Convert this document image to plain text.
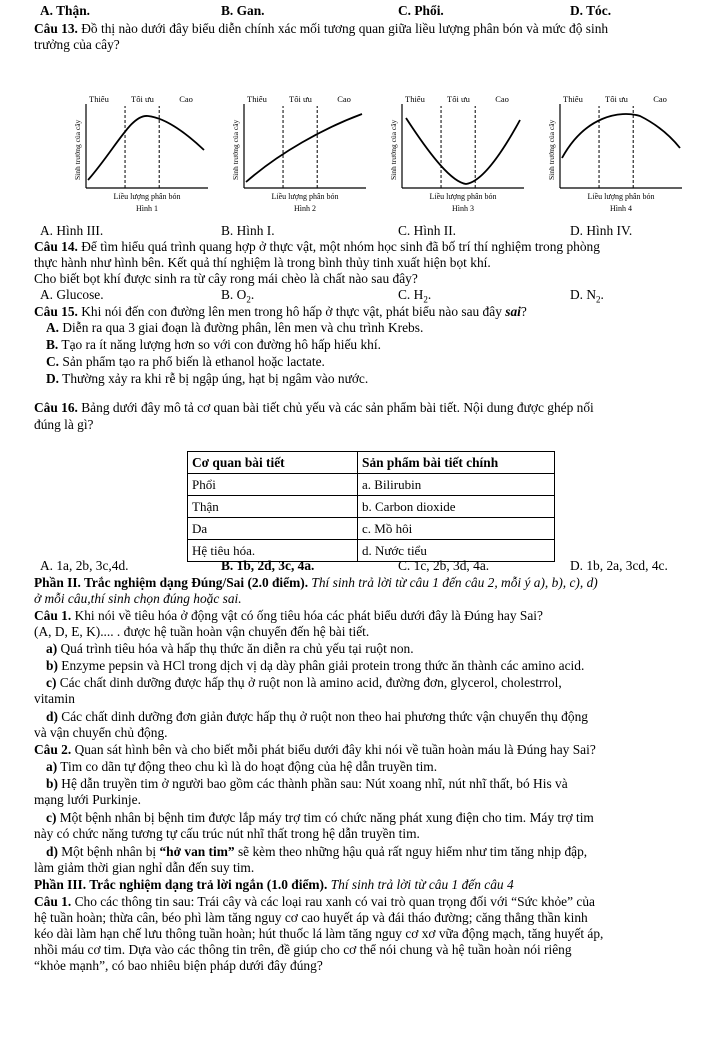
A. Thận.	B. Gan.	C. Phổi.	D. Tóc.
Câu 13. Đồ thị nào dưới đây biểu diễn chính xác mối tương quan giữa liều lượng phân bón và mức độ sinh
trưởng của cây?
Thiếu	Tối ưu	Cao
Sinh trưởng của cây
Liều lượng phân bón
Hình 1
Thiếu	Tối ưu	Cao
Sinh trưởng của cây
Liều lượng phân bón
Hình 2
Thiếu	Tối ưu	Cao
Sinh trưởng của cây
Liều lượng phân bón
Hình 3
Thiếu	Tối ưu	Cao
Sinh trưởng của cây
Liều lượng phân bón
Hình 4
A. Hình III.	B. Hình I.	C. Hình II.	D. Hình IV.
Câu 14. Để tìm hiểu quá trình quang hợp ở thực vật, một nhóm học sinh đã bố trí thí nghiệm trong phòng
thực hành như hình bên. Kết quả thí nghiệm là trong bình thủy tinh xuất hiện bọt khí.
Cho biết bọt khí được sinh ra từ cây rong mái chèo là chất nào sau đây?
A. Glucose.	B. $O_2$.	C. $H_2$.	D. $N_2$.
Câu 15. Khi nói đến con đường lên men trong hô hấp ở thực vật, phát biểu nào sau đây sai?
A. Diễn ra qua 3 giai đoạn là đường phân, lên men và chu trình Krebs.
B. Tạo ra ít năng lượng hơn so với con đường hô hấp hiếu khí.
C. Sản phẩm tạo ra phổ biến là ethanol hoặc lactate.
D. Thường xảy ra khi rễ bị ngập úng, hạt bị ngâm vào nước.
Câu 16. Bảng dưới đây mô tả cơ quan bài tiết chủ yếu và các sản phẩm bài tiết. Nội dung được ghép nối
đúng là gì?
Cơ quan bài tiết	Sản phẩm bài tiết chính
Phổi	a. Bilirubin
Thận	b. Carbon dioxide
Da	c. Mồ hôi
Hệ tiêu hóa.	d. Nước tiểu
A. 1a, 2b, 3c,4d.	B. 1b, 2d, 3c, 4a.	C. 1c, 2b, 3d, 4a.	D. 1b, 2a, 3cd, 4c.
Phần II. Trắc nghiệm dạng Đúng/Sai (2.0 điểm). Thí sinh trả lời từ câu 1 đến câu 2, mỗi ý a), b), c), d)
ở mỗi câu,thí sinh chọn đúng hoặc sai.
Câu 1. Khi nói về tiêu hóa ở động vật có ống tiêu hóa các phát biểu dưới đây là Đúng hay Sai?
(A, D, E, K).... . được hệ tuần hoàn vận chuyển đến hệ bài tiết.
a) Quá trình tiêu hóa và hấp thụ thức ăn diễn ra chủ yếu tại ruột non.
b) Enzyme pepsin và HCl trong dịch vị dạ dày phân giải protein trong thức ăn thành các amino acid.
c) Các chất dinh dưỡng được hấp thụ ở ruột non là amino acid, đường đơn, glycerol, cholestrrol,
vitamin
d) Các chất dinh dưỡng đơn giản được hấp thụ ở ruột non theo hai phương thức vận chuyển thụ động
và vận chuyển chủ động.
Câu 2. Quan sát hình bên và cho biết mỗi phát biểu dưới đây khi nói về tuần hoàn máu là Đúng hay Sai?
a) Tim co dãn tự động theo chu kì là do hoạt động của hệ dẫn truyền tim.
b) Hệ dẫn truyền tim ở người bao gồm các thành phần sau: Nút xoang nhĩ, nút nhĩ thất, bó His và
mạng lưới Purkinje.
c) Một bệnh nhân bị bệnh tim được lắp máy trợ tim có chức năng phát xung điện cho tim. Máy trợ tim
này có chức năng tương tự cấu trúc nút nhĩ thất trong hệ dẫn truyền tim.
d) Một bệnh nhân bị “hở van tim” sẽ kèm theo những hậu quả rất nguy hiểm như tim tăng nhịp đập,
làm giảm thời gian nghỉ dẫn đến suy tim.
Phần III. Trắc nghiệm dạng trả lời ngắn (1.0 điểm). Thí sinh trả lời từ câu 1 đến câu 4
Câu 1. Cho các thông tin sau: Trái cây và các loại rau xanh có vai trò quan trọng đối với “Sức khỏe” của
hệ tuần hoàn; thừa cân, béo phì làm tăng nguy cơ cao huyết áp và đái tháo đường; căng thẳng thần kinh
kéo dài làm hạn chế lưu thông tuần hoàn; hút thuốc lá làm tăng nguy cơ xơ vữa động mạch, tăng huyết áp,
nhồi máu cơ tim. Dựa vào các thông tin trên, đề giúp cho cơ thể nói chung và hệ tuần hoàn nói riêng
“khỏe mạnh”, có bao nhiêu biện pháp dưới đây đúng?
